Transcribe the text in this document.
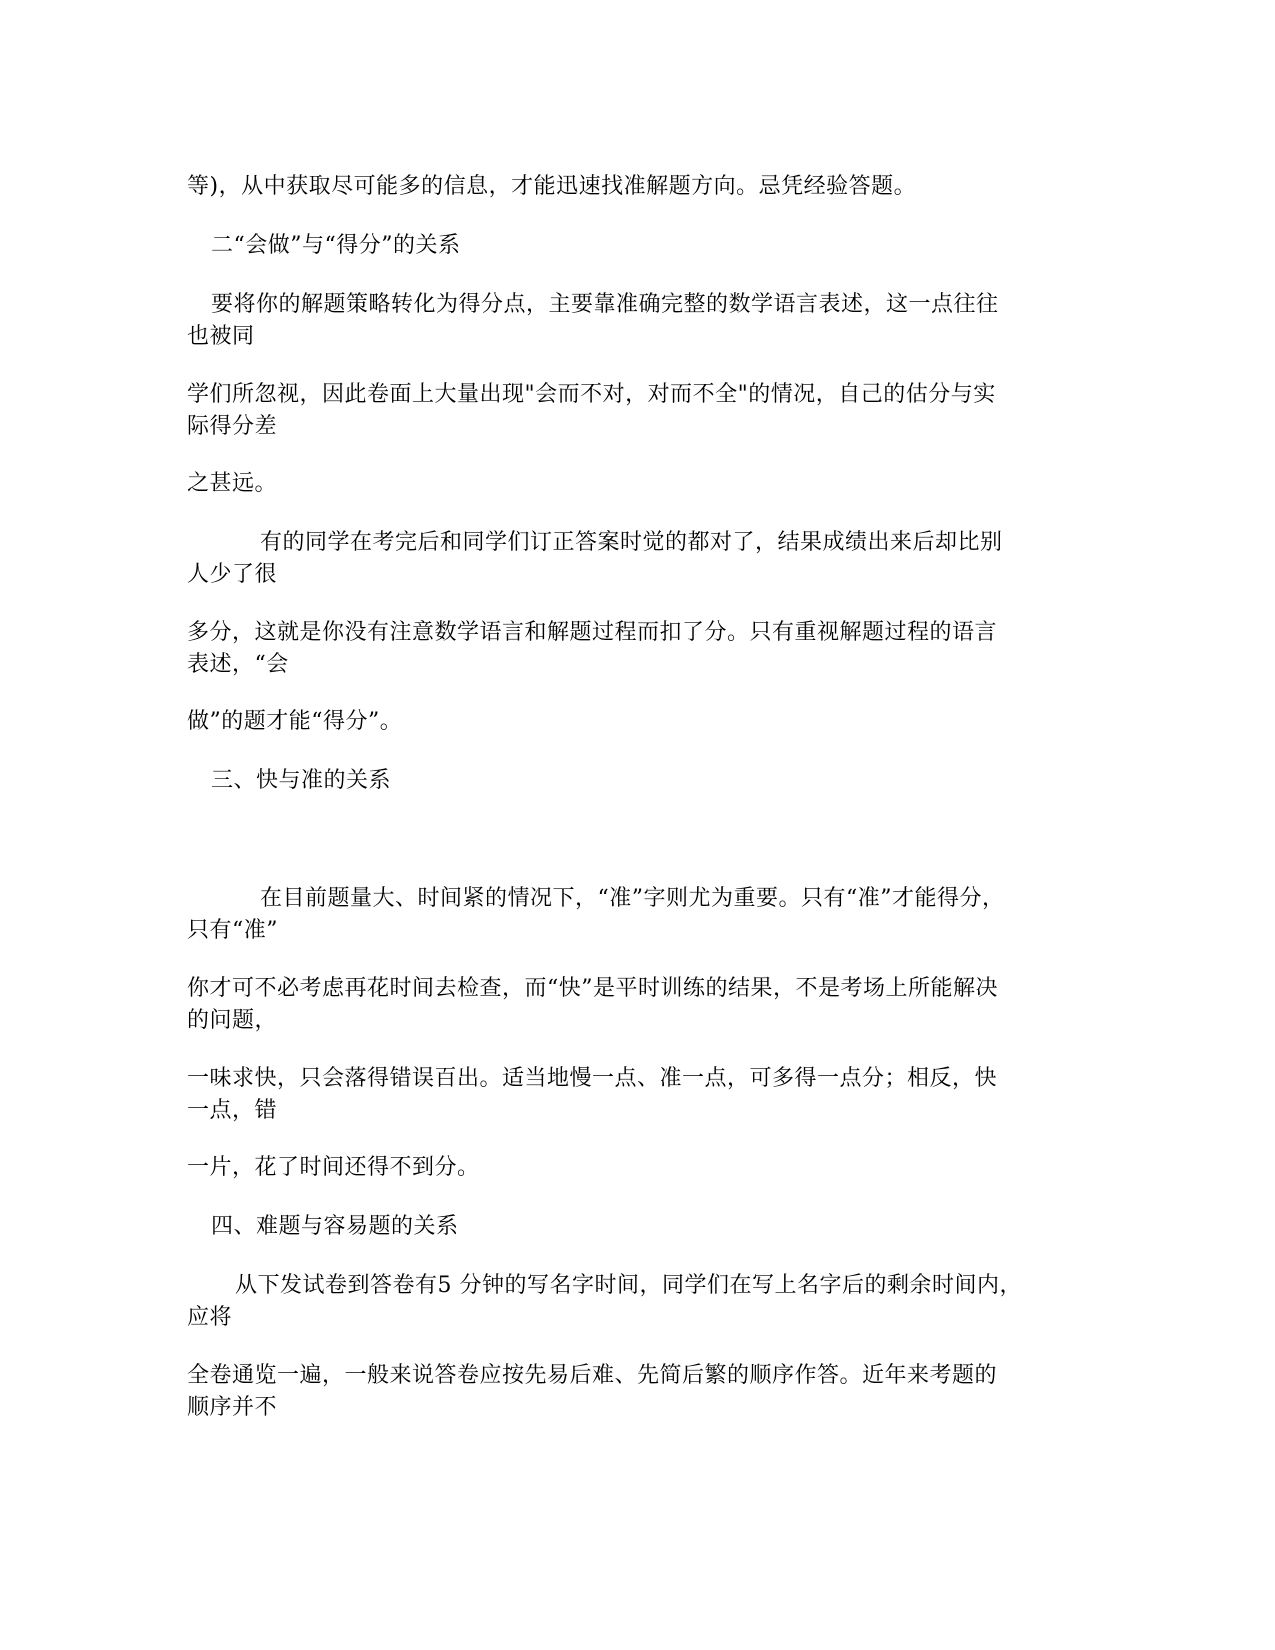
等)，从中获取尽可能多的信息，才能迅速找准解题方向。忌凭经验答题。
二“会做”与“得分”的关系
要将你的解题策略转化为得分点，主要靠准确完整的数学语言表述，这一点往往
也被同
学们所忽视，因此卷面上大量出现"会而不对，对而不全"的情况，自己的估分与实
际得分差
之甚远。
有的同学在考完后和同学们订正答案时觉的都对了，结果成绩出来后却比别
人少了很
多分，这就是你没有注意数学语言和解题过程而扣了分。只有重视解题过程的语言
表述，“会
做”的题才能“得分”。
三、快与准的关系
在目前题量大、时间紧的情况下，“准”字则尤为重要。只有“准”才能得分，
只有“准”
你才可不必考虑再花时间去检查，而“快”是平时训练的结果，不是考场上所能解决
的问题，
一味求快，只会落得错误百出。适当地慢一点、准一点，可多得一点分；相反，快
一点，错
一片，花了时间还得不到分。
四、难题与容易题的关系
从下发试卷到答卷有5 分钟的写名字时间，同学们在写上名字后的剩余时间内，
应将
全卷通览一遍，一般来说答卷应按先易后难、先简后繁的顺序作答。近年来考题的
顺序并不
